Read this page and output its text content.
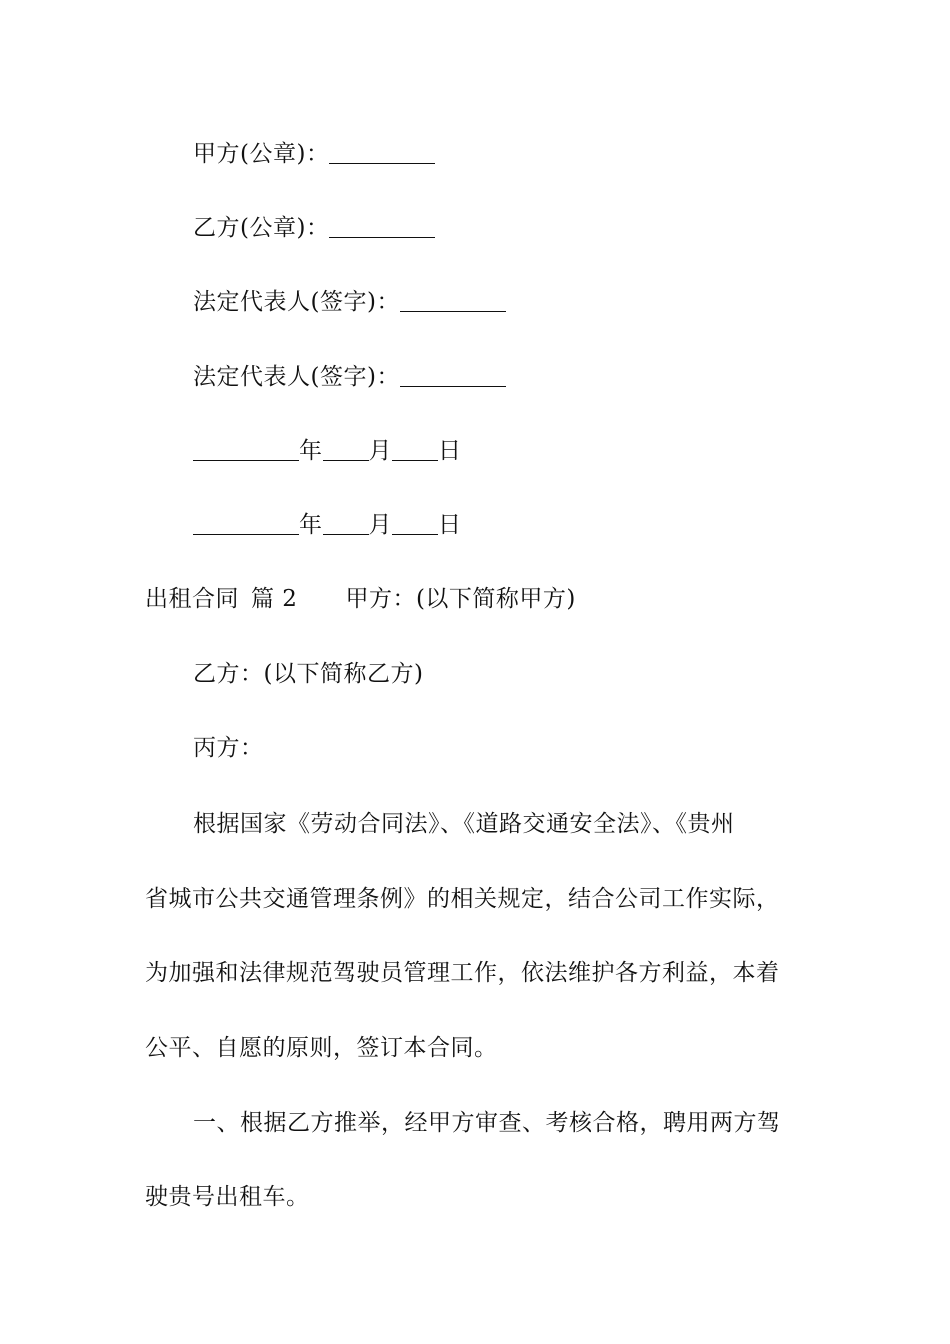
甲方(公章)：
乙方(公章)：
法定代表人(签字)：
法定代表人(签字)：
年 月 日
年 月 日
出租合同 篇 2 甲方：(以下简称甲方)
乙方：(以下简称乙方)
丙方：
根据国家《劳动合同法》、《道路交通安全法》、《贵州
省城市公共交通管理条例》的相关规定，结合公司工作实际，
为加强和法律规范驾驶员管理工作，依法维护各方利益，本着
公平、自愿的原则，签订本合同。
一、根据乙方推举，经甲方审查、考核合格，聘用两方驾
驶贵号出租车。
